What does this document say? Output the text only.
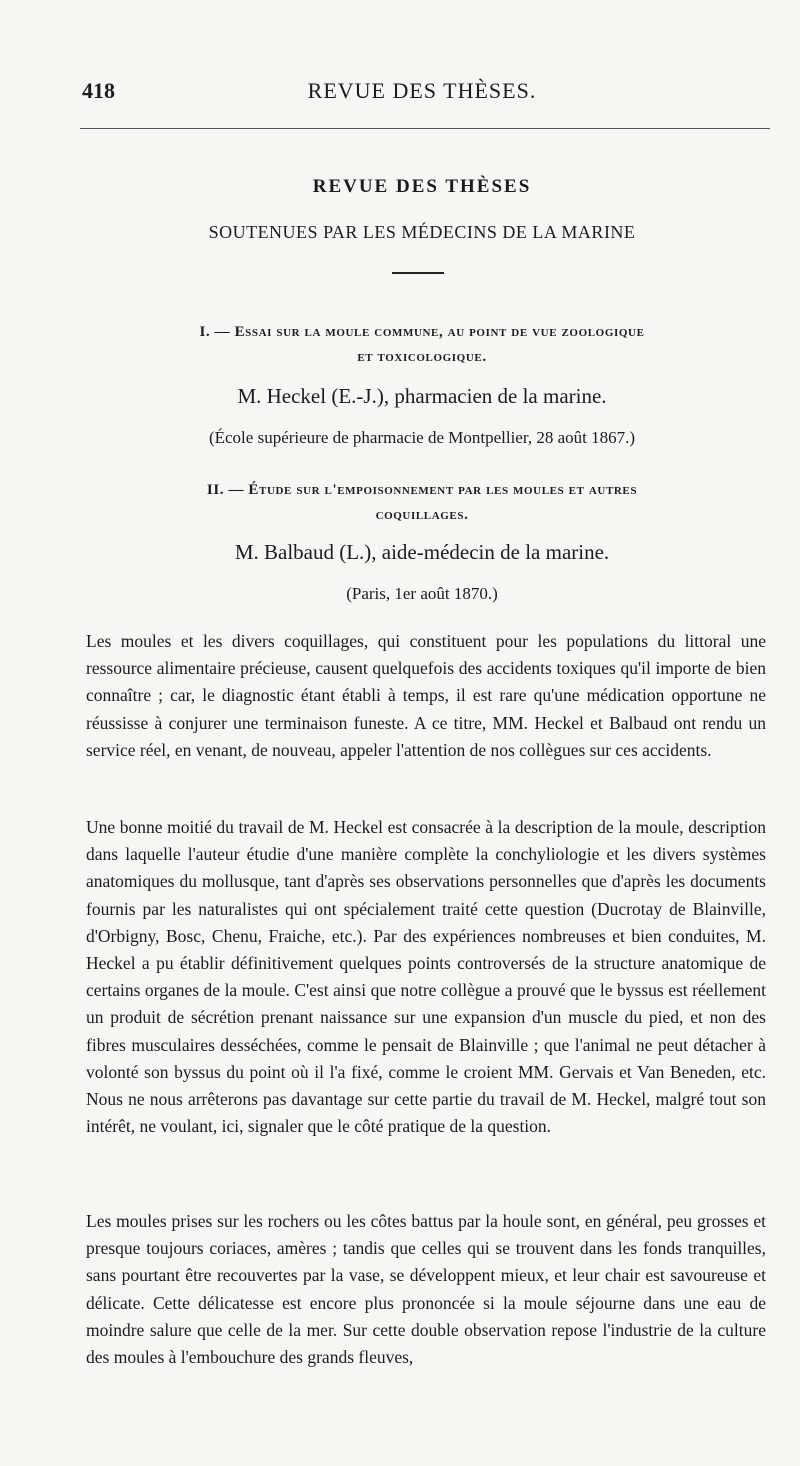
418	REVUE DES THÈSES.
REVUE DES THÈSES
SOUTENUES PAR LES MÉDECINS DE LA MARINE
I. — Essai sur la moule commune, au point de vue zoologique
et toxicologique.
M. Heckel (E.-J.), pharmacien de la marine.
(École supérieure de pharmacie de Montpellier, 28 août 1867.)
II. — Étude sur l'empoisonnement par les moules et autres
coquillages.
M. Balbaud (L.), aide-médecin de la marine.
(Paris, 1er août 1870.)

Les moules et les divers coquillages, qui constituent pour les populations du littoral une ressource alimentaire précieuse, causent quelquefois des accidents toxiques qu'il importe de bien connaître ; car, le diagnostic étant établi à temps, il est rare qu'une médication opportune ne réussisse à conjurer une terminaison funeste. A ce titre, MM. Heckel et Balbaud ont rendu un service réel, en venant, de nouveau, appeler l'attention de nos collègues sur ces accidents.

Une bonne moitié du travail de M. Heckel est consacrée à la description de la moule, description dans laquelle l'auteur étudie d'une manière complète la conchyliologie et les divers systèmes anatomiques du mollusque, tant d'après ses observations personnelles que d'après les documents fournis par les naturalistes qui ont spécialement traité cette question (Ducrotay de Blainville, d'Orbigny, Bosc, Chenu, Fraiche, etc.). Par des expériences nombreuses et bien conduites, M. Heckel a pu établir définitivement quelques points controversés de la structure anatomique de certains organes de la moule. C'est ainsi que notre collègue a prouvé que le byssus est réellement un produit de sécrétion prenant naissance sur une expansion d'un muscle du pied, et non des fibres musculaires desséchées, comme le pensait de Blainville ; que l'animal ne peut détacher à volonté son byssus du point où il l'a fixé, comme le croient MM. Gervais et Van Beneden, etc. Nous ne nous arrêterons pas davantage sur cette partie du travail de M. Heckel, malgré tout son intérêt, ne voulant, ici, signaler que le côté pratique de la question.

Les moules prises sur les rochers ou les côtes battus par la houle sont, en général, peu grosses et presque toujours coriaces, amères ; tandis que celles qui se trouvent dans les fonds tranquilles, sans pourtant être recouvertes par la vase, se développent mieux, et leur chair est savoureuse et délicate. Cette délicatesse est encore plus prononcée si la moule séjourne dans une eau de moindre salure que celle de la mer. Sur cette double observation repose l'industrie de la culture des moules à l'embouchure des grands fleuves,
